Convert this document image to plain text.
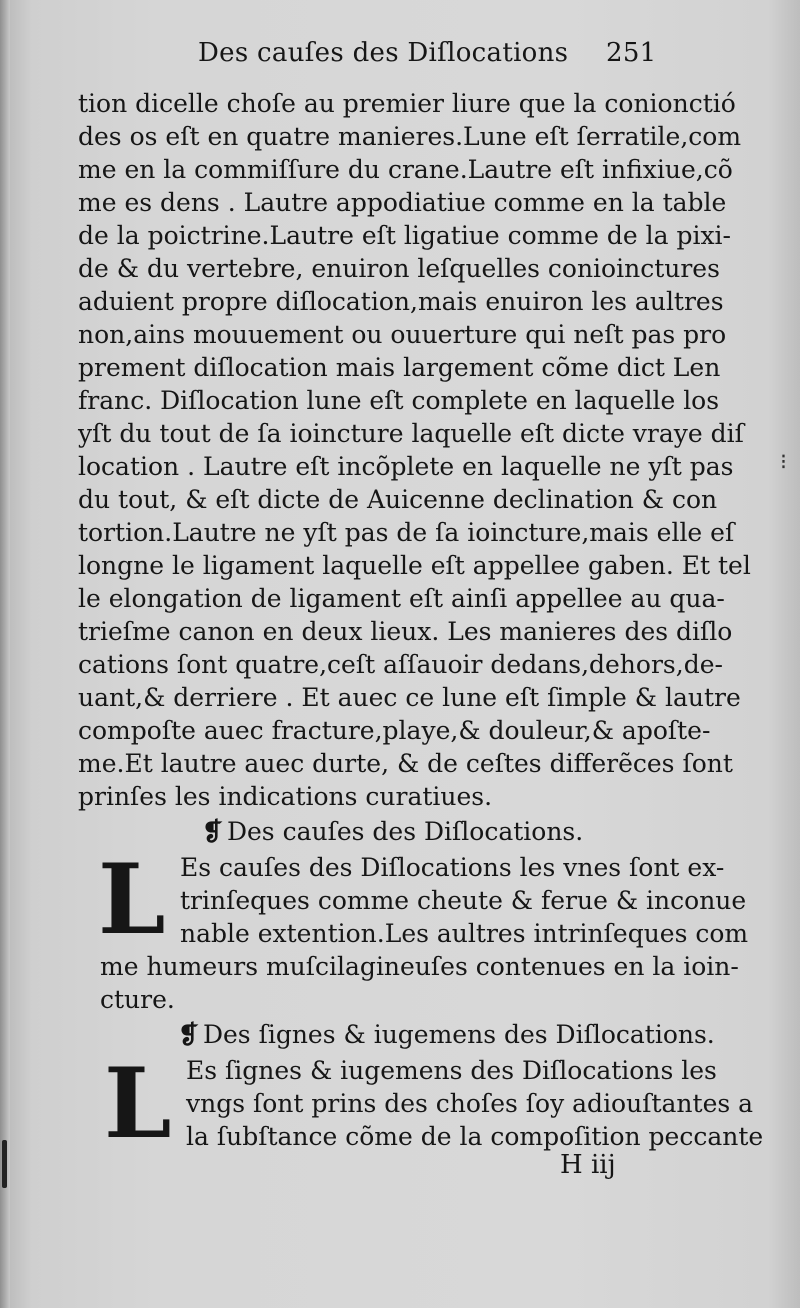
⁝
Des cauſes des Diſlocations 251
tion dicelle choſe au premier liure que la conionctió
des os eſt en quatre manieres.Lune eſt ſerratile,com
me en la commiſſure du crane.Lautre eſt infixiue,cõ
me es dens . Lautre appodiatiue comme en la table
de la poictrine.Lautre eſt ligatiue comme de la pixi-
de & du vertebre, enuiron leſquelles conioinctures
aduient propre diſlocation,mais enuiron les aultres
non,ains mouuement ou ouuerture qui neſt pas pro
prement diſlocation mais largement cõme dict Len
franc. Diſlocation lune eſt complete en laquelle los
yſt du tout de ſa ioincture laquelle eſt dicte vraye diſ
location . Lautre eſt incõplete en laquelle ne yſt pas
du tout, & eſt dicte de Auicenne declination & con
tortion.Lautre ne yſt pas de ſa ioincture,mais elle eſ
longne le ligament laquelle eſt appellee gaben. Et tel
le elongation de ligament eſt ainſi appellee au qua-
trieſme canon en deux lieux. Les manieres des diſlo
cations ſont quatre,ceſt aſſauoir dedans,dehors,de-
uant,& derriere . Et auec ce lune eſt ſimple & lautre
compoſte auec fracture,playe,& douleur,& apoſte-
me.Et lautre auec durte, & de ceſtes differẽces ſont
prinſes les indications curatiues.
❡ Des cauſes des Diſlocations.
L Es cauſes des Diſlocations les vnes ſont ex-
trinſeques comme cheute & ferue & inconue
nable extention.Les aultres intrinſeques com
me humeurs muſcilagineuſes contenues en la ioin-
cture.
❡ Des ſignes & iugemens des Diſlocations.
L Es ſignes & iugemens des Diſlocations les
vngs ſont prins des choſes ſoy adiouſtantes a
la ſubſtance cõme de la compoſition peccante
H iij
